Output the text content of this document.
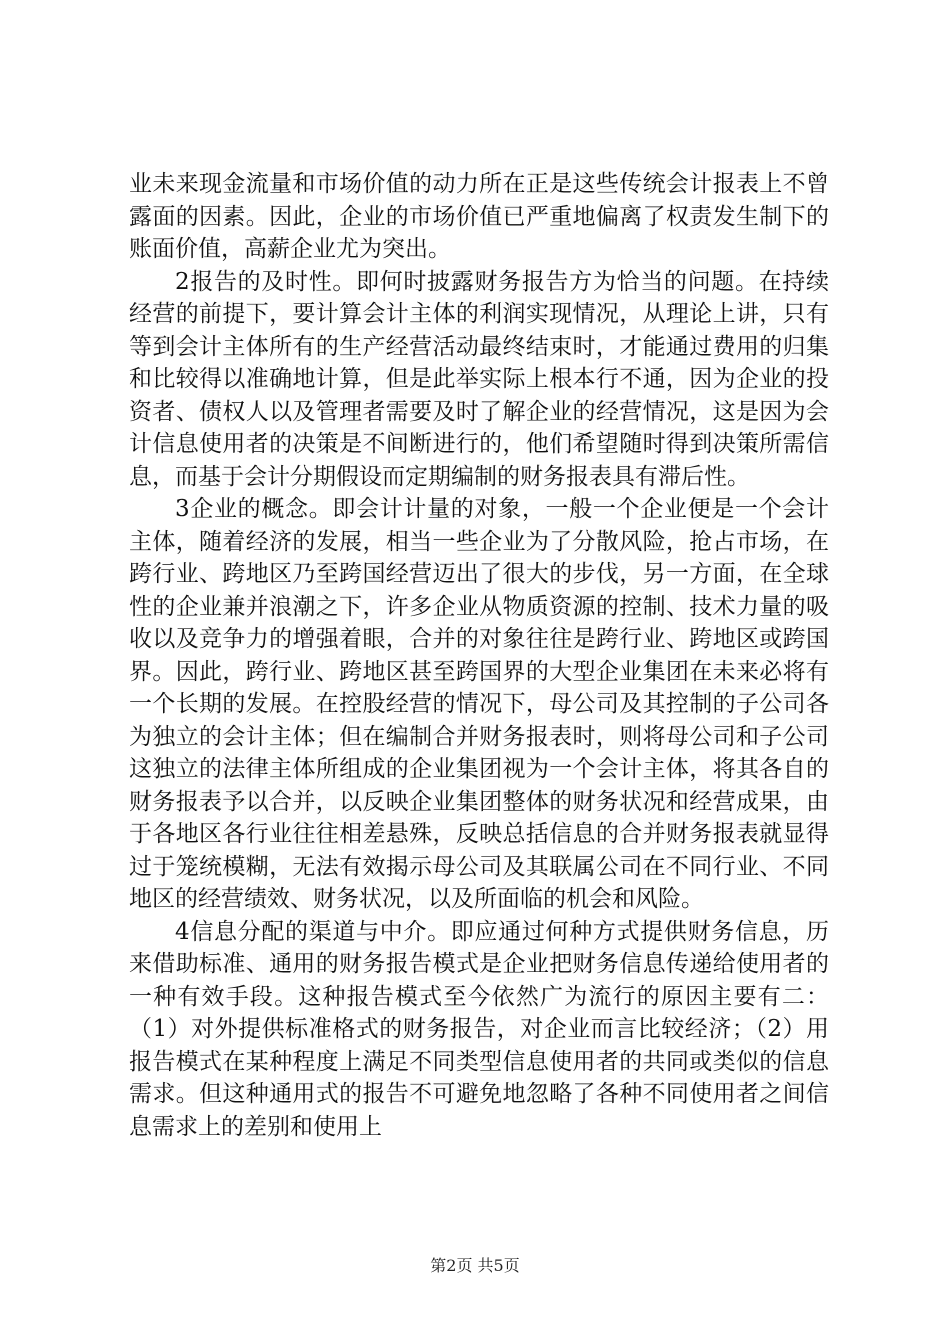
业未来现金流量和市场价值的动力所在正是这些传统会计报表上不曾露面的因素。因此，企业的市场价值已严重地偏离了权责发生制下的账面价值，高薪企业尤为突出。

2报告的及时性。即何时披露财务报告方为恰当的问题。在持续经营的前提下，要计算会计主体的利润实现情况，从理论上讲，只有等到会计主体所有的生产经营活动最终结束时，才能通过费用的归集和比较得以准确地计算，但是此举实际上根本行不通，因为企业的投资者、债权人以及管理者需要及时了解企业的经营情况，这是因为会计信息使用者的决策是不间断进行的，他们希望随时得到决策所需信息，而基于会计分期假设而定期编制的财务报表具有滞后性。

3企业的概念。即会计计量的对象，一般一个企业便是一个会计主体，随着经济的发展，相当一些企业为了分散风险，抢占市场，在跨行业、跨地区乃至跨国经营迈出了很大的步伐，另一方面，在全球性的企业兼并浪潮之下，许多企业从物质资源的控制、技术力量的吸收以及竞争力的增强着眼，合并的对象往往是跨行业、跨地区或跨国界。因此，跨行业、跨地区甚至跨国界的大型企业集团在未来必将有一个长期的发展。在控股经营的情况下，母公司及其控制的子公司各为独立的会计主体；但在编制合并财务报表时，则将母公司和子公司这独立的法律主体所组成的企业集团视为一个会计主体，将其各自的财务报表予以合并，以反映企业集团整体的财务状况和经营成果，由于各地区各行业往往相差悬殊，反映总括信息的合并财务报表就显得过于笼统模糊，无法有效揭示母公司及其联属公司在不同行业、不同地区的经营绩效、财务状况，以及所面临的机会和风险。

4信息分配的渠道与中介。即应通过何种方式提供财务信息，历来借助标准、通用的财务报告模式是企业把财务信息传递给使用者的一种有效手段。这种报告模式至今依然广为流行的原因主要有二：（1）对外提供标准格式的财务报告，对企业而言比较经济；（2）用报告模式在某种程度上满足不同类型信息使用者的共同或类似的信息需求。但这种通用式的报告不可避免地忽略了各种不同使用者之间信息需求上的差别和使用上

第2页 共5页
